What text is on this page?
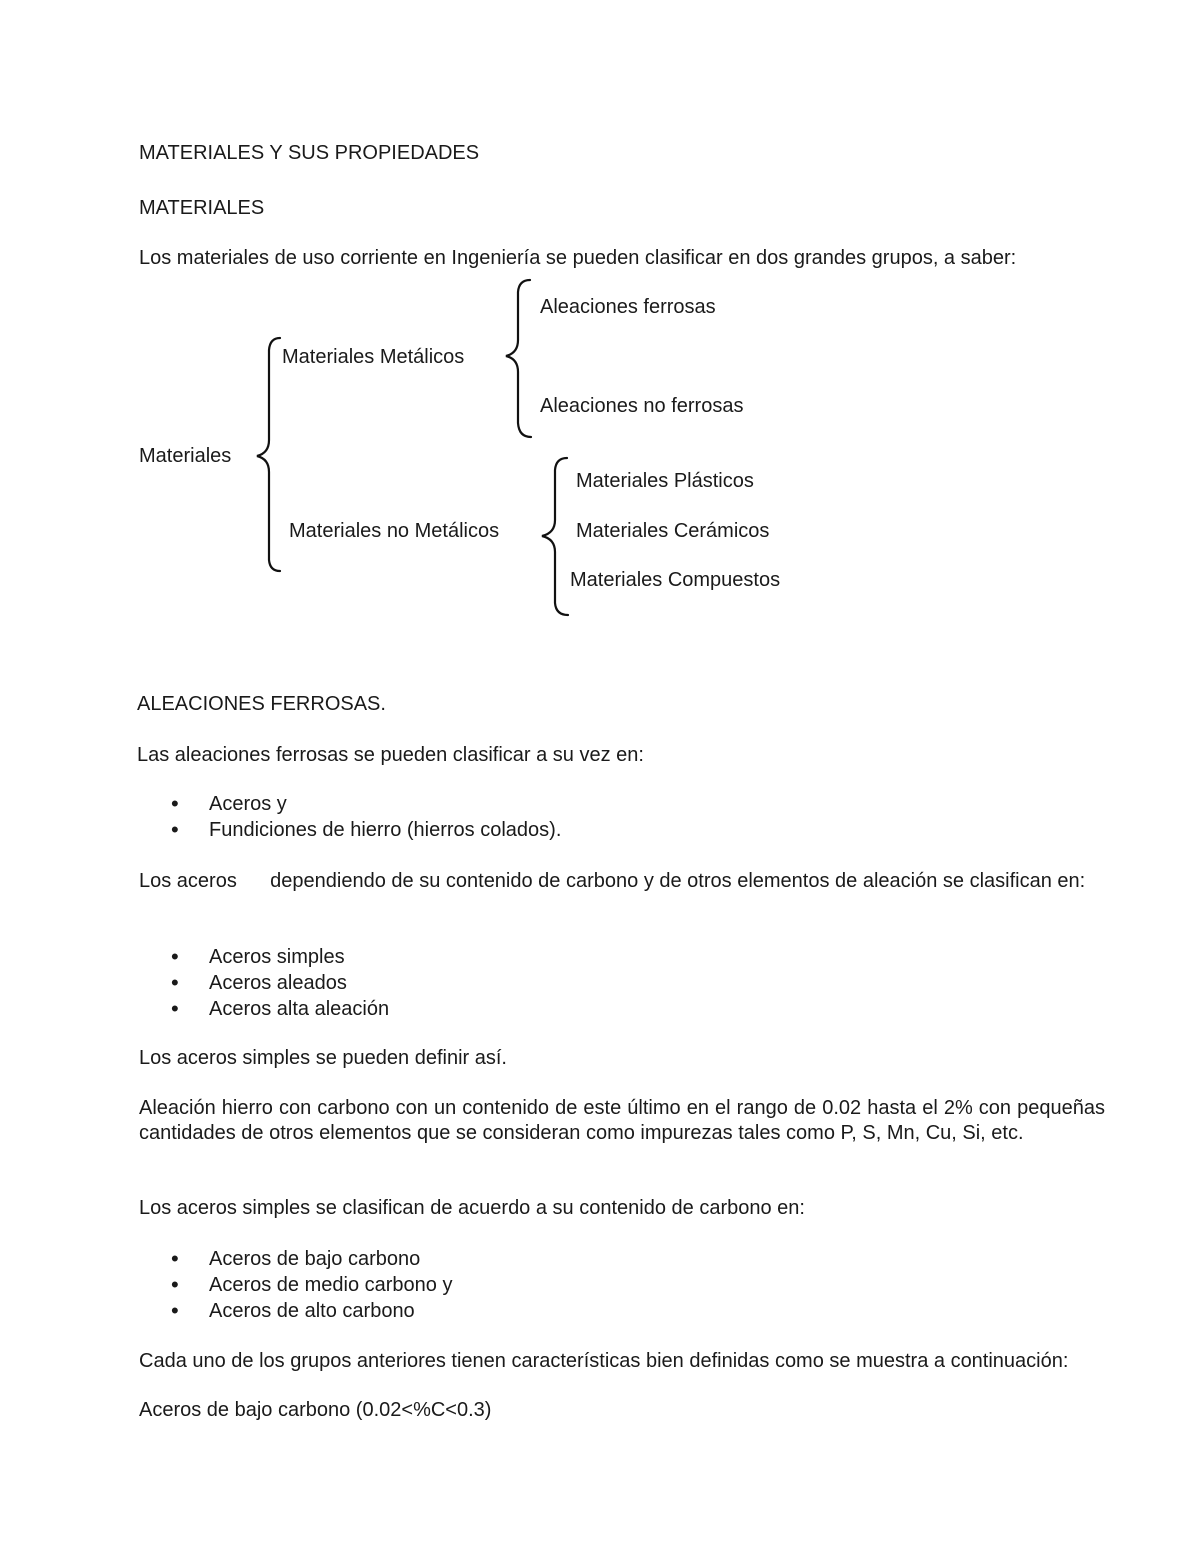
MATERIALES Y SUS PROPIEDADES
MATERIALES
Los materiales de uso corriente en Ingeniería se pueden clasificar en dos grandes grupos, a saber:
Materiales
Materiales Metálicos
Aleaciones ferrosas
Aleaciones no ferrosas
Materiales no Metálicos
Materiales Plásticos
Materiales Cerámicos
Materiales Compuestos
ALEACIONES FERROSAS.
Las aleaciones ferrosas se pueden clasificar a su vez en:
• Aceros y
• Fundiciones de hierro (hierros colados).
Los aceros      dependiendo de su contenido de carbono y de otros elementos de aleación se clasifican en:
• Aceros simples
• Aceros aleados
• Aceros alta aleación
Los aceros simples se pueden definir así.
Aleación hierro con carbono con un contenido de este último en el rango de 0.02 hasta el 2% con pequeñas cantidades de otros elementos que se consideran como impurezas tales como P, S, Mn, Cu, Si, etc.
Los aceros simples se clasifican de acuerdo a su contenido de carbono en:
• Aceros de bajo carbono
• Aceros de medio carbono y
• Aceros de alto carbono
Cada uno de los grupos anteriores tienen características bien definidas como se muestra a continuación:
Aceros de bajo carbono (0.02<%C<0.3)
